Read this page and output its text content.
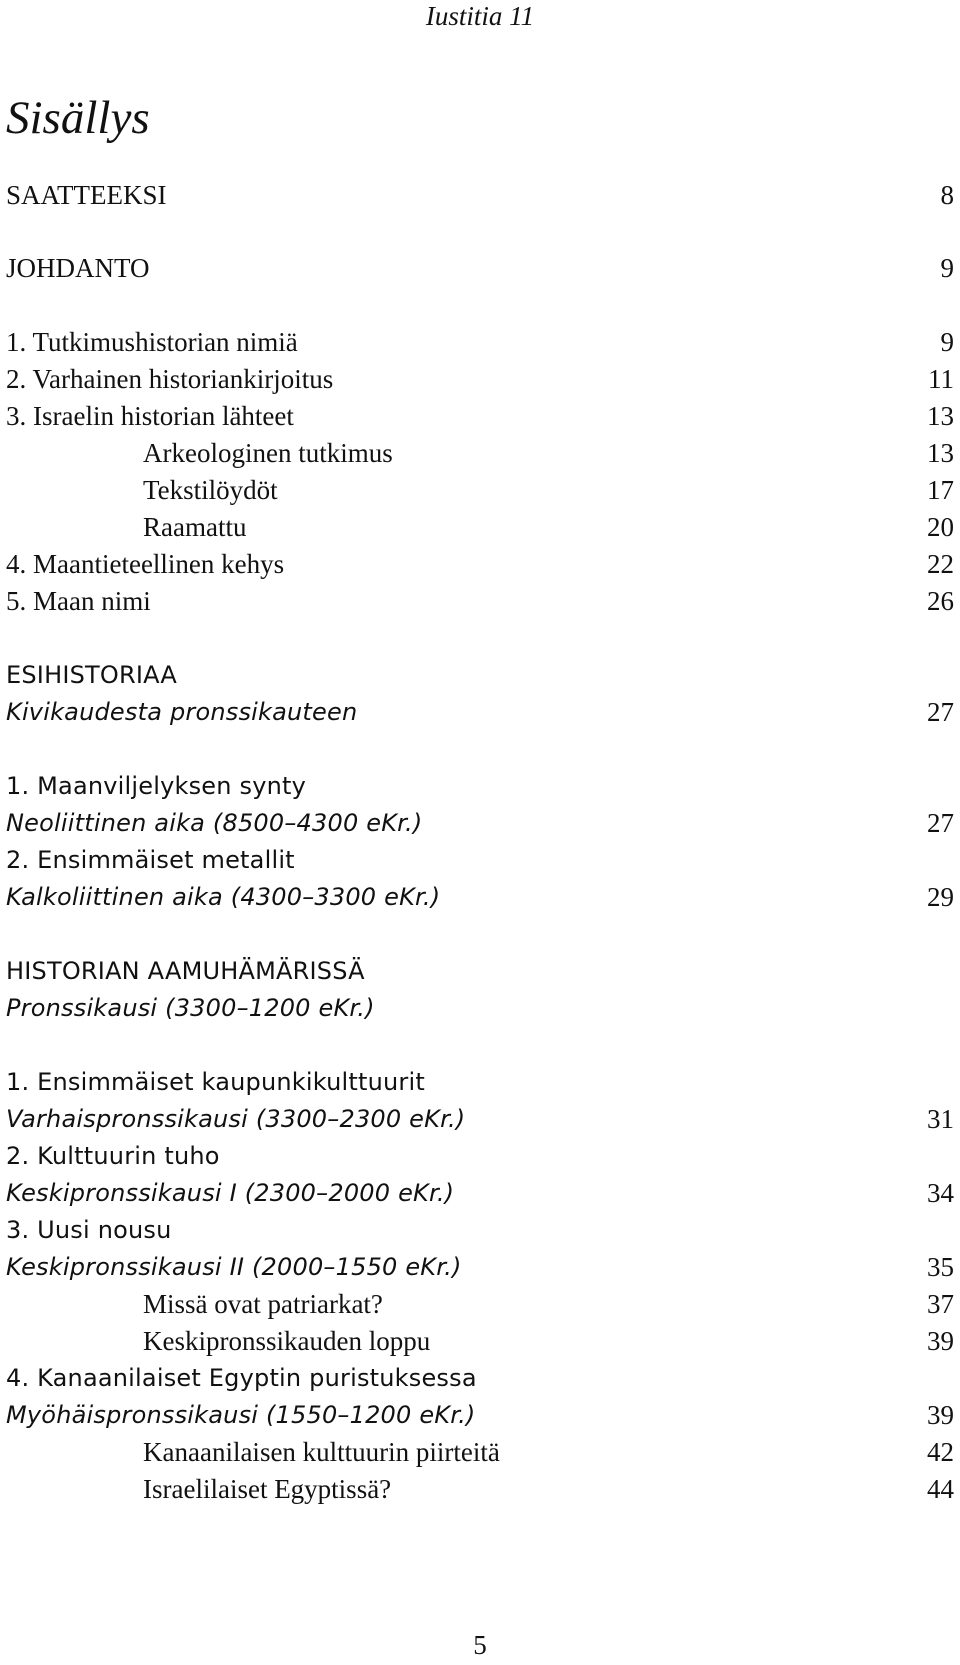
Iustitia 11
Sisällys
SAATTEEKSI	8
JOHDANTO	9
1. Tutkimushistorian nimiä	9
2. Varhainen historiankirjoitus	11
3. Israelin historian lähteet	13
Arkeologinen tutkimus	13
Tekstilöydöt	17
Raamattu	20
4. Maantieteellinen kehys	22
5. Maan nimi	26
ESIHISTORIAA
Kivikaudesta pronssikauteen	27
1. Maanviljelyksen synty
Neoliittinen aika (8500–4300 eKr.)	27
2. Ensimmäiset metallit
Kalkoliittinen aika (4300–3300 eKr.)	29
HISTORIAN AAMUHÄMÄRISSÄ
Pronssikausi (3300–1200 eKr.)
1. Ensimmäiset kaupunkikulttuurit
Varhaispronssikausi (3300–2300 eKr.)	31
2. Kulttuurin tuho
Keskipronssikausi I (2300–2000 eKr.)	34
3. Uusi nousu
Keskipronssikausi II (2000–1550 eKr.)	35
Missä ovat patriarkat?	37
Keskipronssikauden loppu	39
4. Kanaanilaiset Egyptin puristuksessa
Myöhäispronssikausi (1550–1200 eKr.)	39
Kanaanilaisen kulttuurin piirteitä	42
Israelilaiset Egyptissä?	44
5
